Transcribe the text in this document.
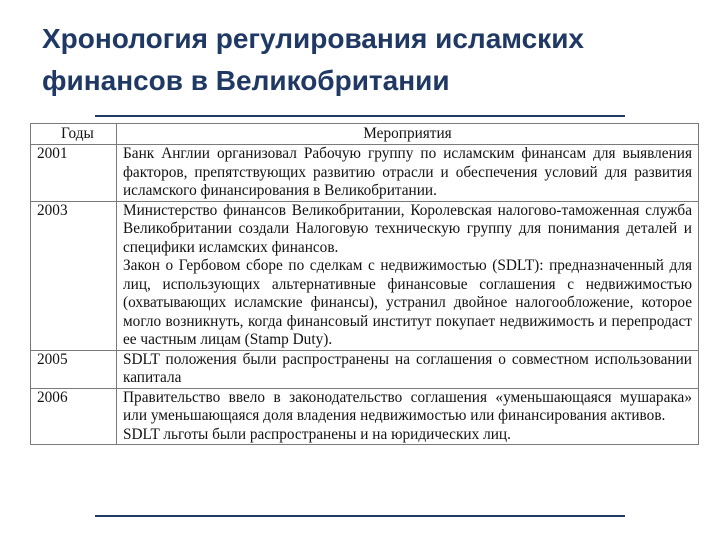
Хронология регулирования исламских финансов в Великобритании
Годы	Мероприятия
2001	Банк Англии организовал Рабочую группу по исламским финансам для выявления факторов, препятствующих развитию отрасли и обеспечения условий для развития исламского финансирования в Великобритании.

2003	Министерство финансов Великобритании, Королевская налогово-таможенная служба Великобритании создали Налоговую техническую группу для понимания деталей и специфики исламских финансов.
Закон о Гербовом сборе по сделкам с недвижимостью (SDLT): предназначенный для лиц, использующих альтернативные финансовые соглашения с недвижимостью (охватывающих исламские финансы), устранил двойное налогообложение, которое могло возникнуть, когда финансовый институт покупает недвижимость и перепродаст ее частным лицам (Stamp Duty).

2005	SDLT положения были распространены на соглашения о совместном использовании капитала

2006	Правительство ввело в законодательство соглашения «уменьшающаяся мушарака» или уменьшающаяся доля владения недвижимостью или финансирования активов.
SDLT льготы были распространены и на юридических лиц.
